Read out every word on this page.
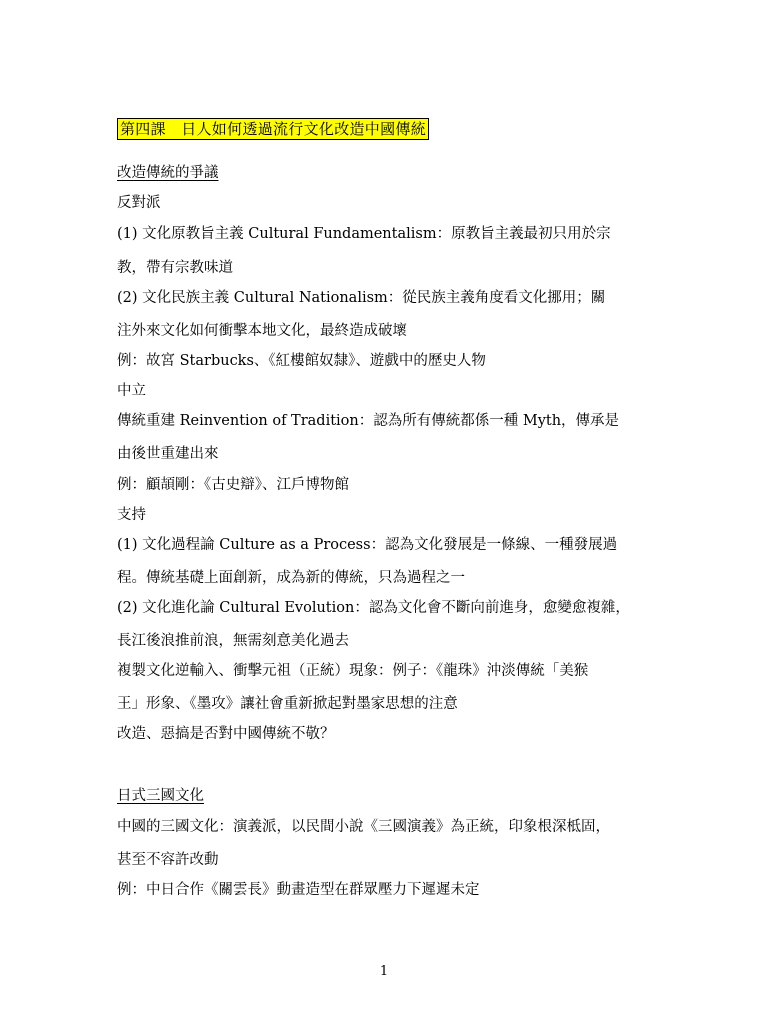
第四課　日人如何透過流行文化改造中國傳統
改造傳統的爭議
反對派
(1) 文化原教旨主義 Cultural Fundamentalism：原教旨主義最初只用於宗
教，帶有宗教味道
(2) 文化民族主義 Cultural Nationalism：從民族主義角度看文化挪用；關
注外來文化如何衝擊本地文化，最終造成破壞
例：故宮 Starbucks、《紅樓館奴隸》、遊戲中的歷史人物
中立
傳統重建 Reinvention of Tradition：認為所有傳統都係一種 Myth，傳承是
由後世重建出來
例：顧頡剛：《古史辯》、江戶博物館
支持
(1) 文化過程論 Culture as a Process：認為文化發展是一條線、一種發展過
程。傳統基礎上面創新，成為新的傳統，只為過程之一
(2) 文化進化論 Cultural Evolution：認為文化會不斷向前進身，愈變愈複雜，
長江後浪推前浪，無需刻意美化過去
複製文化逆輸入、衝擊元祖（正統）現象：例子：《龍珠》沖淡傳統「美猴
王」形象、《墨攻》讓社會重新掀起對墨家思想的注意
改造、惡搞是否對中國傳統不敬？
日式三國文化
中國的三國文化：演義派，以民間小說《三國演義》為正統，印象根深柢固，
甚至不容許改動
例：中日合作《關雲長》動畫造型在群眾壓力下遲遲未定
1
